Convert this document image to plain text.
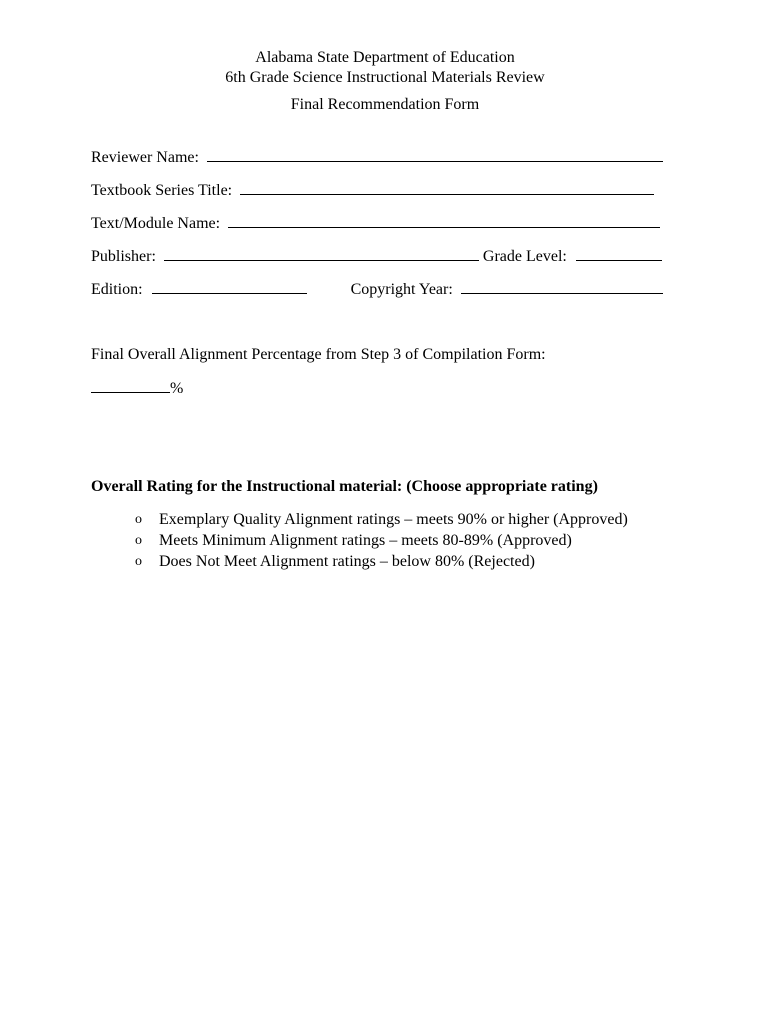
Alabama State Department of Education
6th Grade Science Instructional Materials Review
Final Recommendation Form
Reviewer Name:
Textbook Series Title:
Text/Module Name:
Publisher:	Grade Level:
Edition:	Copyright Year:
Final Overall Alignment Percentage from Step 3 of Compilation Form:
%
Overall Rating for the Instructional material: (Choose appropriate rating)
o Exemplary Quality Alignment ratings – meets 90% or higher (Approved)
o Meets Minimum Alignment ratings – meets 80-89% (Approved)
o Does Not Meet Alignment ratings – below 80% (Rejected)
